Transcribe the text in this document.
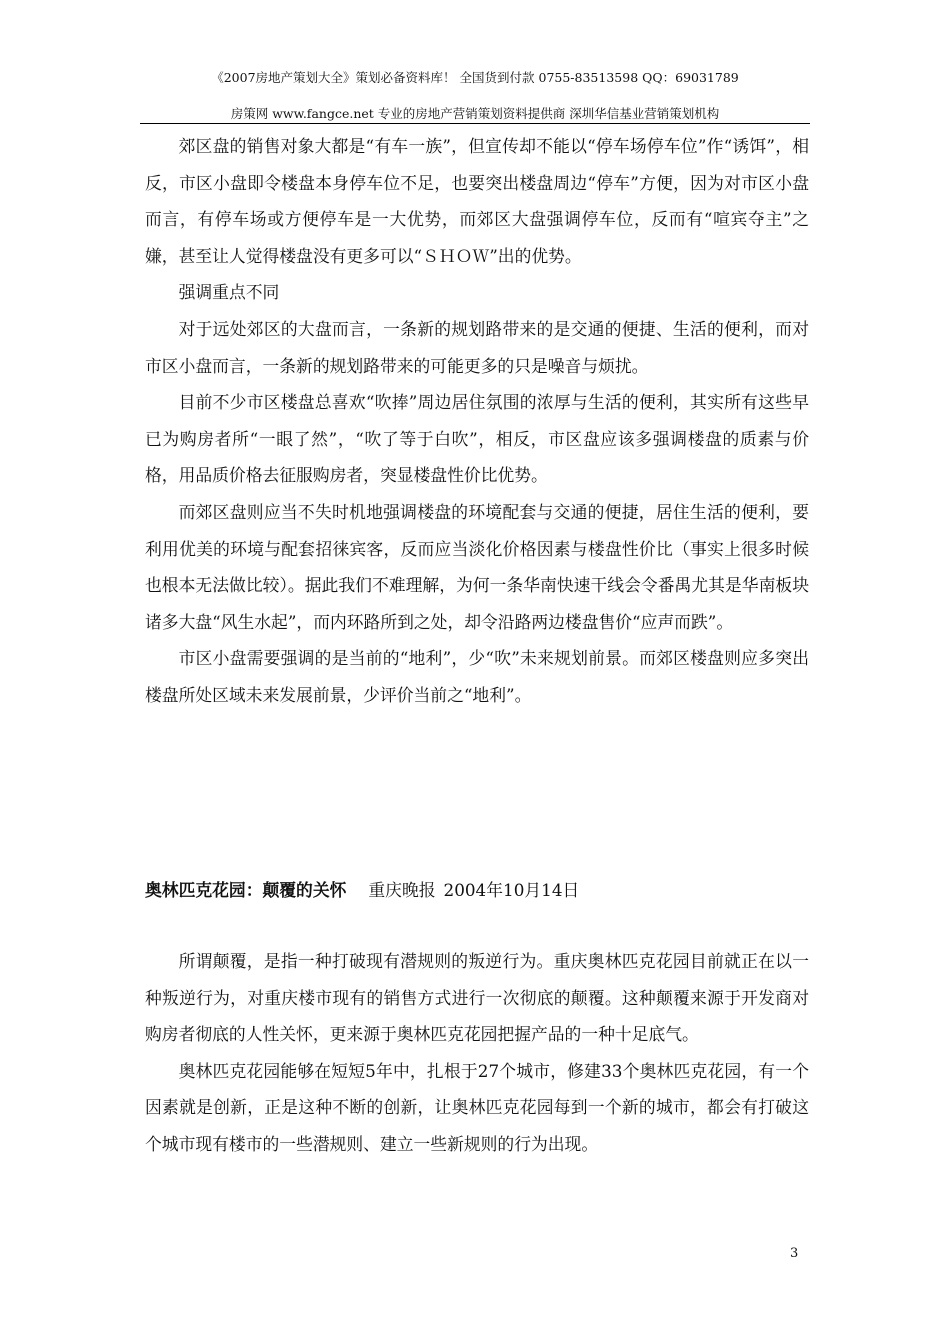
《2007房地产策划大全》策划必备资料库！ 全国货到付款 0755-83513598 QQ：69031789
房策网 www.fangce.net 专业的房地产营销策划资料提供商 深圳华信基业营销策划机构

郊区盘的销售对象大都是“有车一族”，但宣传却不能以“停车场停车位”作“诱饵”，相反，市区小盘即令楼盘本身停车位不足，也要突出楼盘周边“停车”方便，因为对市区小盘而言，有停车场或方便停车是一大优势，而郊区大盘强调停车位，反而有“喧宾夺主”之嫌，甚至让人觉得楼盘没有更多可以“ＳＨＯＷ”出的优势。

强调重点不同

对于远处郊区的大盘而言，一条新的规划路带来的是交通的便捷、生活的便利，而对市区小盘而言，一条新的规划路带来的可能更多的只是噪音与烦扰。

目前不少市区楼盘总喜欢“吹捧”周边居住氛围的浓厚与生活的便利，其实所有这些早已为购房者所“一眼了然”，“吹了等于白吹”，相反，市区盘应该多强调楼盘的质素与价格，用品质价格去征服购房者，突显楼盘性价比优势。

而郊区盘则应当不失时机地强调楼盘的环境配套与交通的便捷，居住生活的便利，要利用优美的环境与配套招徕宾客，反而应当淡化价格因素与楼盘性价比（事实上很多时候也根本无法做比较）。据此我们不难理解，为何一条华南快速干线会令番禺尤其是华南板块诸多大盘“风生水起”，而内环路所到之处，却令沿路两边楼盘售价“应声而跌”。

市区小盘需要强调的是当前的“地利”，少“吹”未来规划前景。而郊区楼盘则应多突出楼盘所处区域未来发展前景，少评价当前之“地利”。

奥林匹克花园：颠覆的关怀 重庆晚报 2004年10月14日

所谓颠覆，是指一种打破现有潜规则的叛逆行为。重庆奥林匹克花园目前就正在以一种叛逆行为，对重庆楼市现有的销售方式进行一次彻底的颠覆。这种颠覆来源于开发商对购房者彻底的人性关怀，更来源于奥林匹克花园把握产品的一种十足底气。

奥林匹克花园能够在短短5年中，扎根于27个城市，修建33个奥林匹克花园，有一个因素就是创新，正是这种不断的创新，让奥林匹克花园每到一个新的城市，都会有打破这个城市现有楼市的一些潜规则、建立一些新规则的行为出现。

3
